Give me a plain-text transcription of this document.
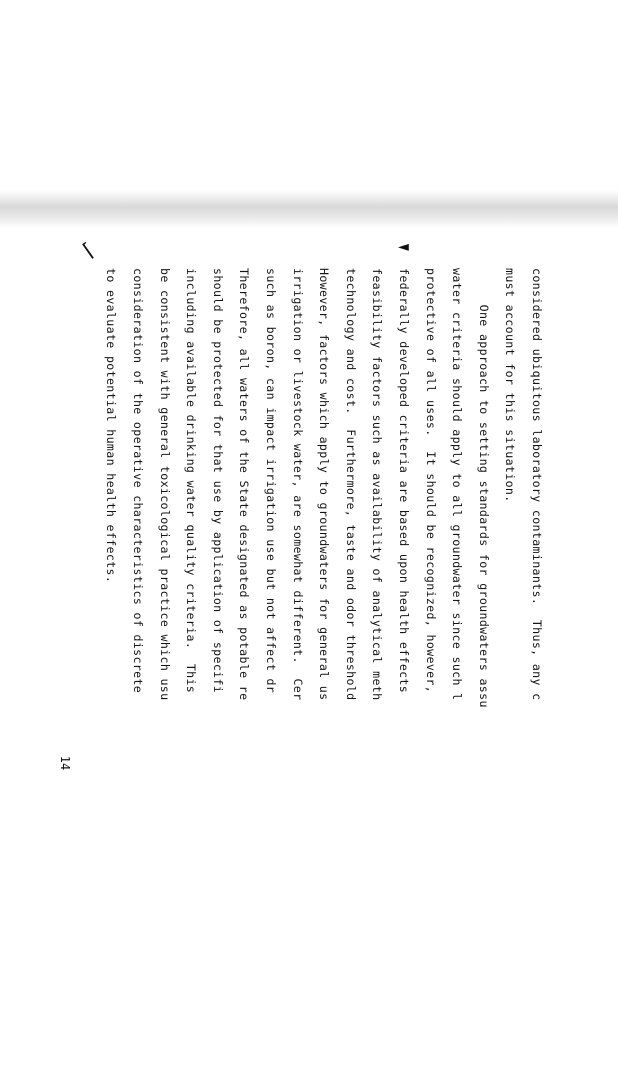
⌈	◄

considered ubiquitous laboratory contaminants.  Thus, any c

must account for this situation.

One approach to setting standards for groundwaters assu

water criteria should apply to all groundwater since such l

protective of all uses.  It should be recognized, however,

federally developed criteria are based upon health effects

feasibility factors such as availability of analytical meth

technology and cost.  Furthermore, taste and odor threshold

However, factors which apply to groundwaters for general us

irrigation or livestock water, are somewhat different.  Cer

such as boron, can impact irrigation use but not affect dr

Therefore, all waters of the State designated as potable re

should be protected for that use by application of specifi

including available drinking water quality criteria.  This

be consistent with general toxicological practice which usu

consideration of the operative characteristics of discrete

to evaluate potential human health effects.

14
